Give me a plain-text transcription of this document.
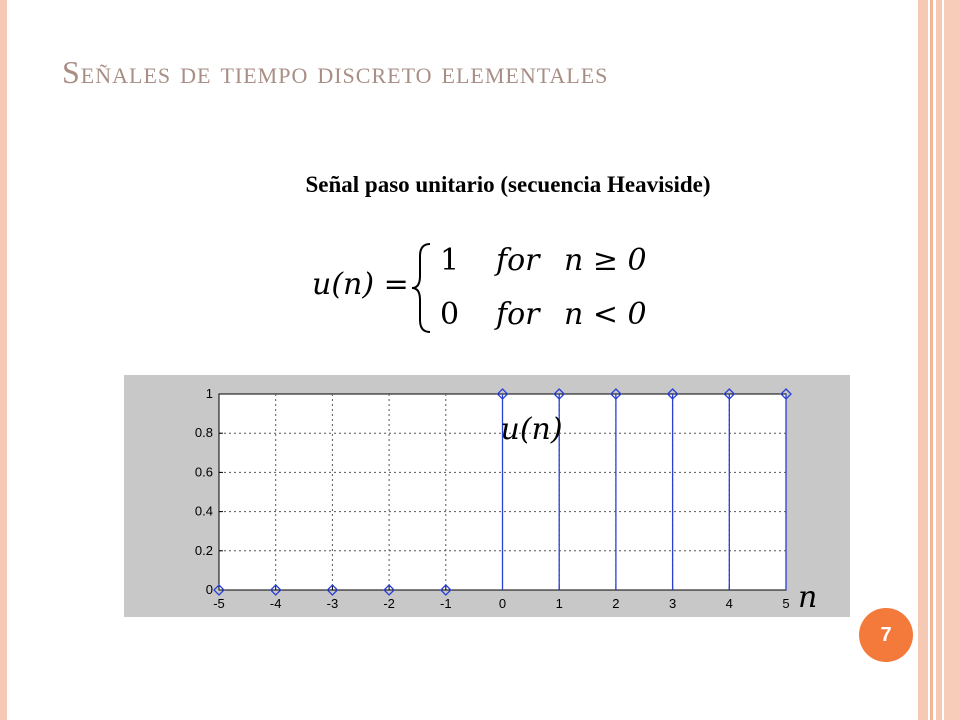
Señales de tiempo discreto elementales
Señal paso unitario (secuencia Heaviside)
u(n) =
1 for n ≥ 0
0 for n < 0
-5	-4	-3	-2	-1	0	1	2	3	4	5
0
0.2
0.4
0.6
0.8
1
u(n)
n
7
